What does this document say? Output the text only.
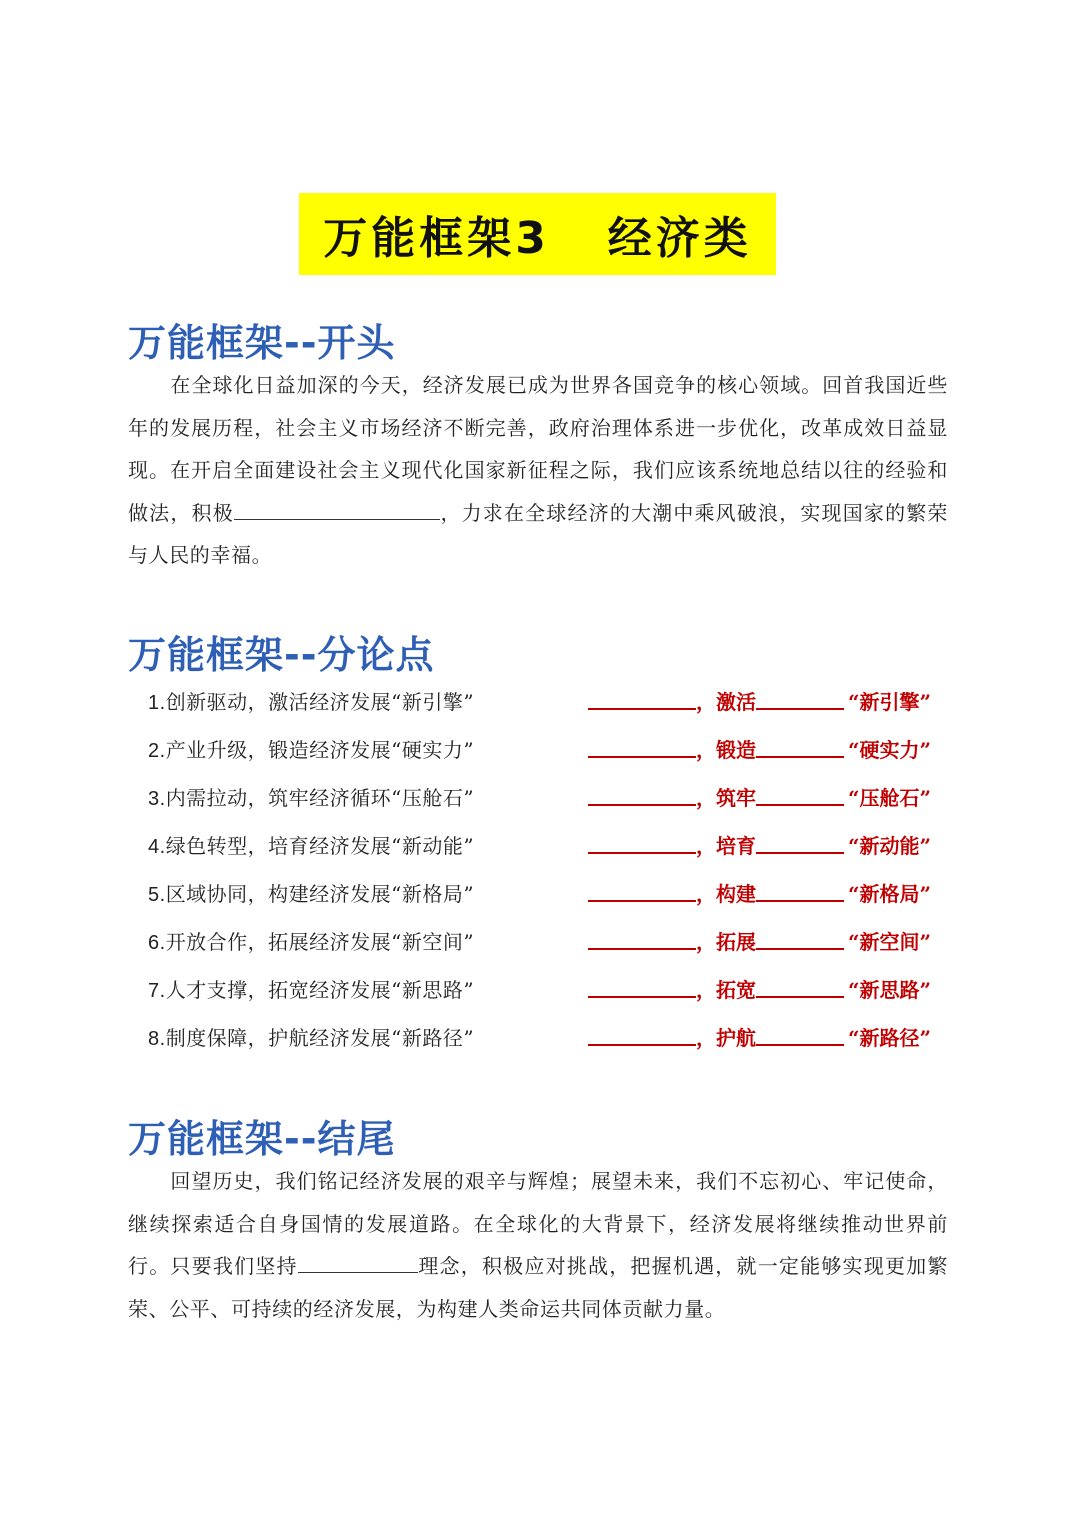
万能框架3   经济类
万能框架--开头
在全球化日益加深的今天，经济发展已成为世界各国竞争的核心领域。回首我国近些年的发展历程，社会主义市场经济不断完善，政府治理体系进一步优化，改革成效日益显现。在开启全面建设社会主义现代化国家新征程之际，我们应该系统地总结以往的经验和做法，积极	，力求在全球经济的大潮中乘风破浪，实现国家的繁荣与人民的幸福。
万能框架--分论点
1.创新驱动，激活经济发展“新引擎”	，激活	“新引擎”
2.产业升级，锻造经济发展“硬实力”	，锻造	“硬实力”
3.内需拉动，筑牢经济循环“压舱石”	，筑牢	“压舱石”
4.绿色转型，培育经济发展“新动能”	，培育	“新动能”
5.区域协同，构建经济发展“新格局”	，构建	“新格局”
6.开放合作，拓展经济发展“新空间”	，拓展	“新空间”
7.人才支撑，拓宽经济发展“新思路”	，拓宽	“新思路”
8.制度保障，护航经济发展“新路径”	，护航	“新路径”
万能框架--结尾
回望历史，我们铭记经济发展的艰辛与辉煌；展望未来，我们不忘初心、牢记使命，继续探索适合自身国情的发展道路。在全球化的大背景下，经济发展将继续推动世界前行。只要我们坚持	理念，积极应对挑战，把握机遇，就一定能够实现更加繁荣、公平、可持续的经济发展，为构建人类命运共同体贡献力量。
